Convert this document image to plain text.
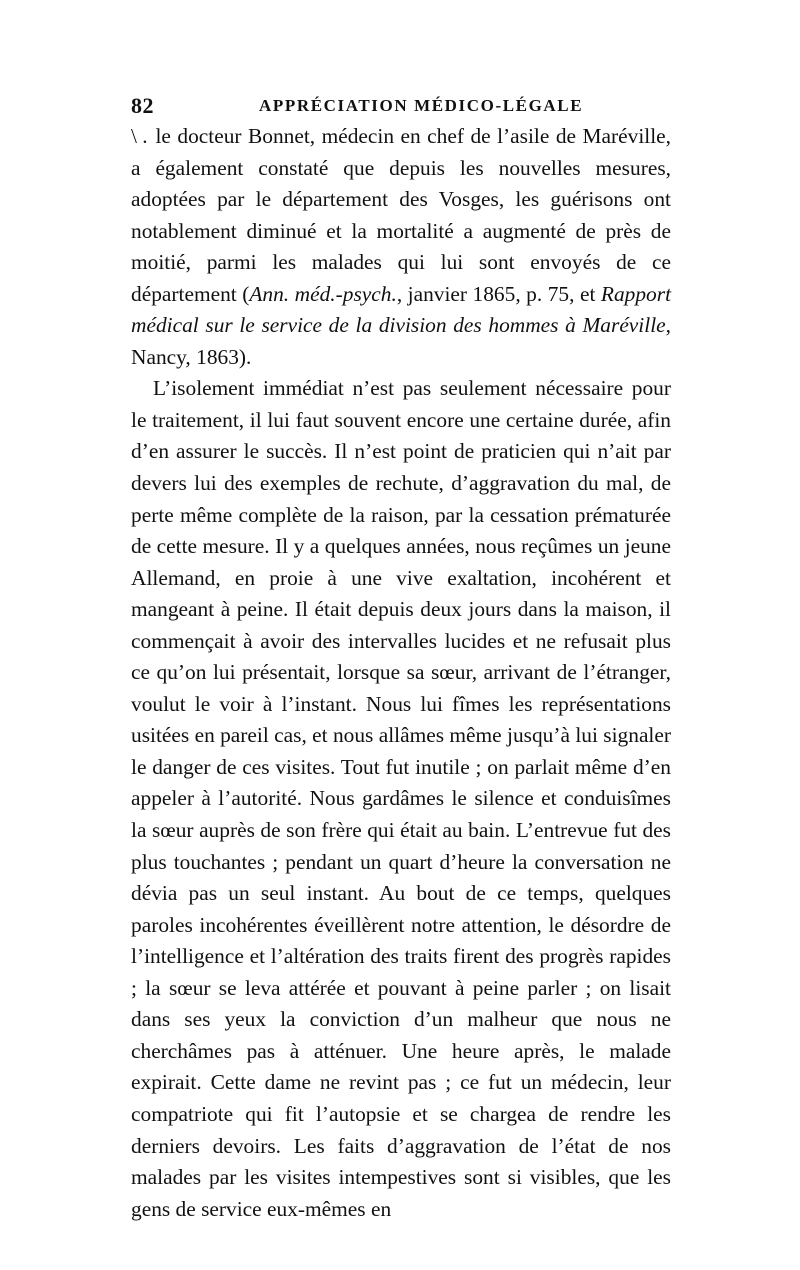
82	APPRÉCIATION MÉDICO-LÉGALE

\ . le docteur Bonnet, médecin en chef de l’asile de Maréville, a également constaté que depuis les nouvelles mesures, adoptées par le département des Vosges, les guérisons ont notablement diminué et la mortalité a augmenté de près de moitié, parmi les malades qui lui sont envoyés de ce département (Ann. méd.-psych., janvier 1865, p. 75, et Rapport médical sur le service de la division des hommes à Maréville, Nancy, 1863).

L’isolement immédiat n’est pas seulement nécessaire pour le traitement, il lui faut souvent encore une certaine durée, afin d’en assurer le succès. Il n’est point de praticien qui n’ait par devers lui des exemples de rechute, d’aggravation du mal, de perte même complète de la raison, par la cessation prématurée de cette mesure. Il y a quelques années, nous reçûmes un jeune Allemand, en proie à une vive exaltation, incohérent et mangeant à peine. Il était depuis deux jours dans la maison, il commençait à avoir des intervalles lucides et ne refusait plus ce qu’on lui présentait, lorsque sa sœur, arrivant de l’étranger, voulut le voir à l’instant. Nous lui fîmes les représentations usitées en pareil cas, et nous allâmes même jusqu’à lui signaler le danger de ces visites. Tout fut inutile ; on parlait même d’en appeler à l’autorité. Nous gardâmes le silence et conduisîmes la sœur auprès de son frère qui était au bain. L’entrevue fut des plus touchantes ; pendant un quart d’heure la conversation ne dévia pas un seul instant. Au bout de ce temps, quelques paroles incohérentes éveillèrent notre attention, le désordre de l’intelligence et l’altération des traits firent des progrès rapides ; la sœur se leva attérée et pouvant à peine parler ; on lisait dans ses yeux la conviction d’un malheur que nous ne cherchâmes pas à atténuer. Une heure après, le malade expirait. Cette dame ne revint pas ; ce fut un médecin, leur compatriote qui fit l’autopsie et se chargea de rendre les derniers devoirs. Les faits d’aggravation de l’état de nos malades par les visites intempestives sont si visibles, que les gens de service eux-mêmes en
